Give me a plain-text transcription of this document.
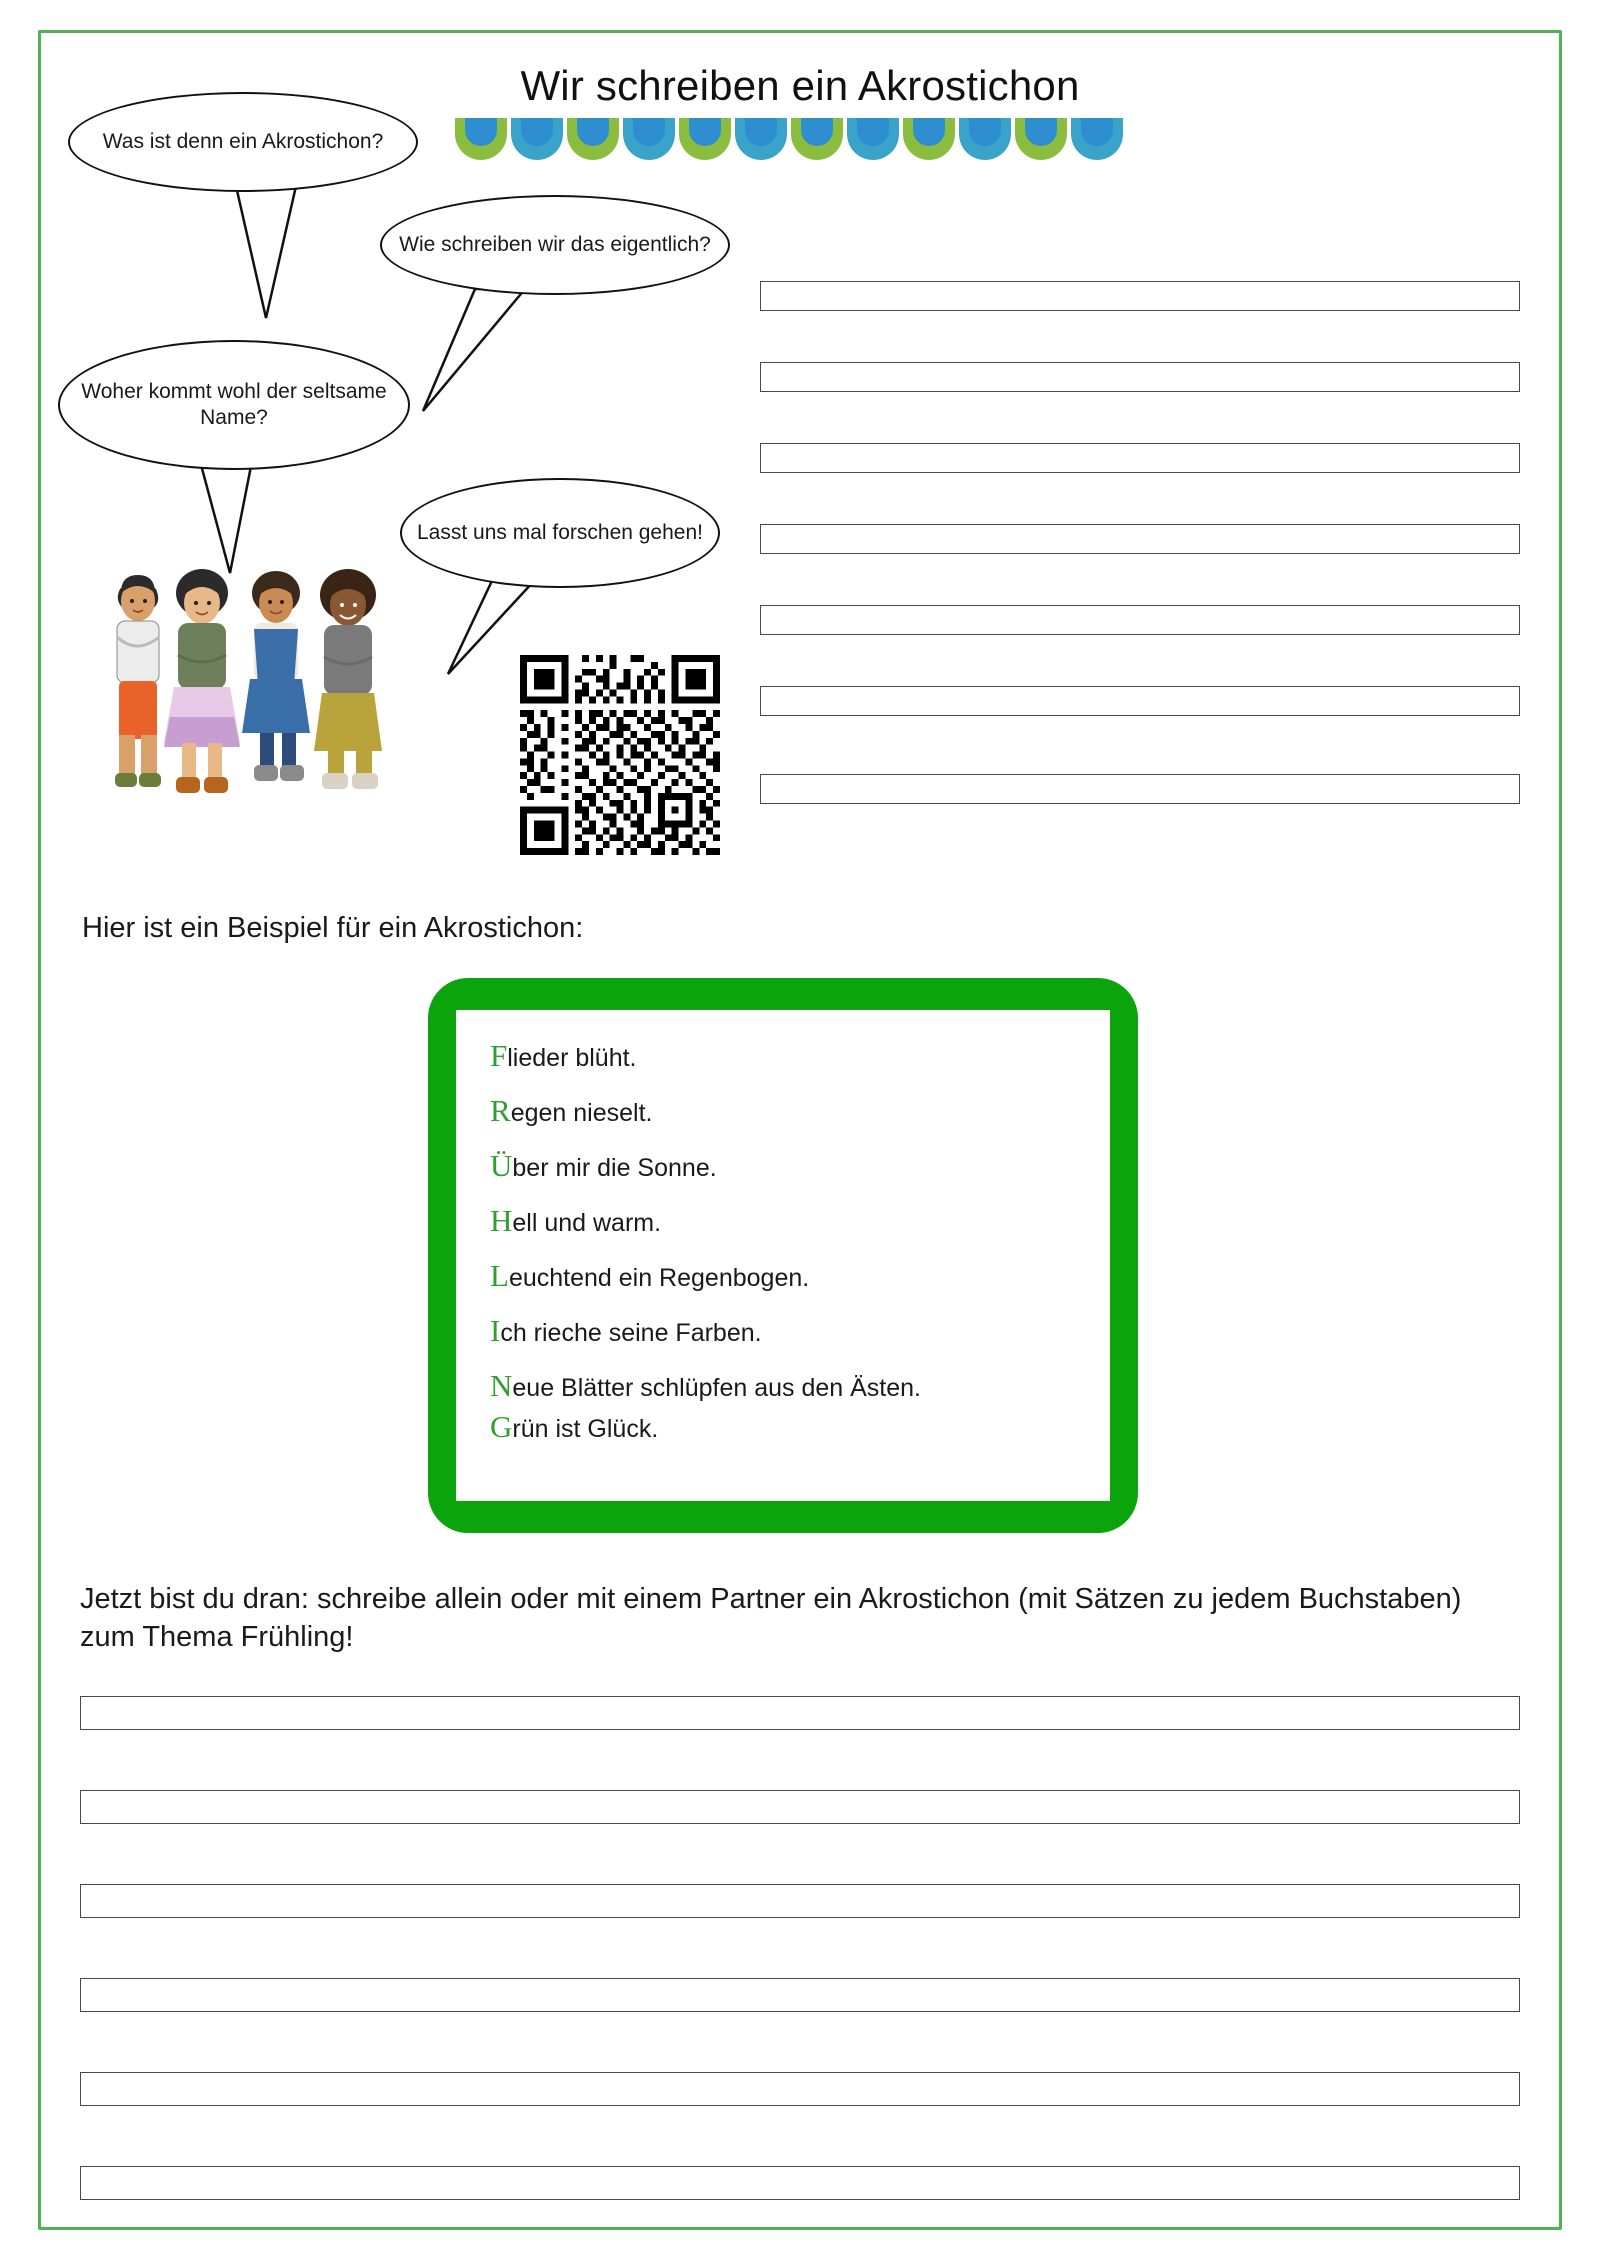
Wir schreiben ein Akrostichon
Was ist denn ein Akrostichon?
Wie schreiben wir das eigentlich?
Woher kommt wohl der seltsame Name?
Lasst uns mal forschen gehen!
Hier ist ein Beispiel für ein Akrostichon:
Flieder blüht.
Regen nieselt.
Über mir die Sonne.
Hell und warm.
Leuchtend ein Regenbogen.
Ich rieche seine Farben.
Neue Blätter schlüpfen aus den Ästen.
Grün ist Glück.
Jetzt bist du dran: schreibe allein oder mit einem Partner ein Akrostichon (mit Sätzen zu jedem Buchstaben) zum Thema Frühling!
